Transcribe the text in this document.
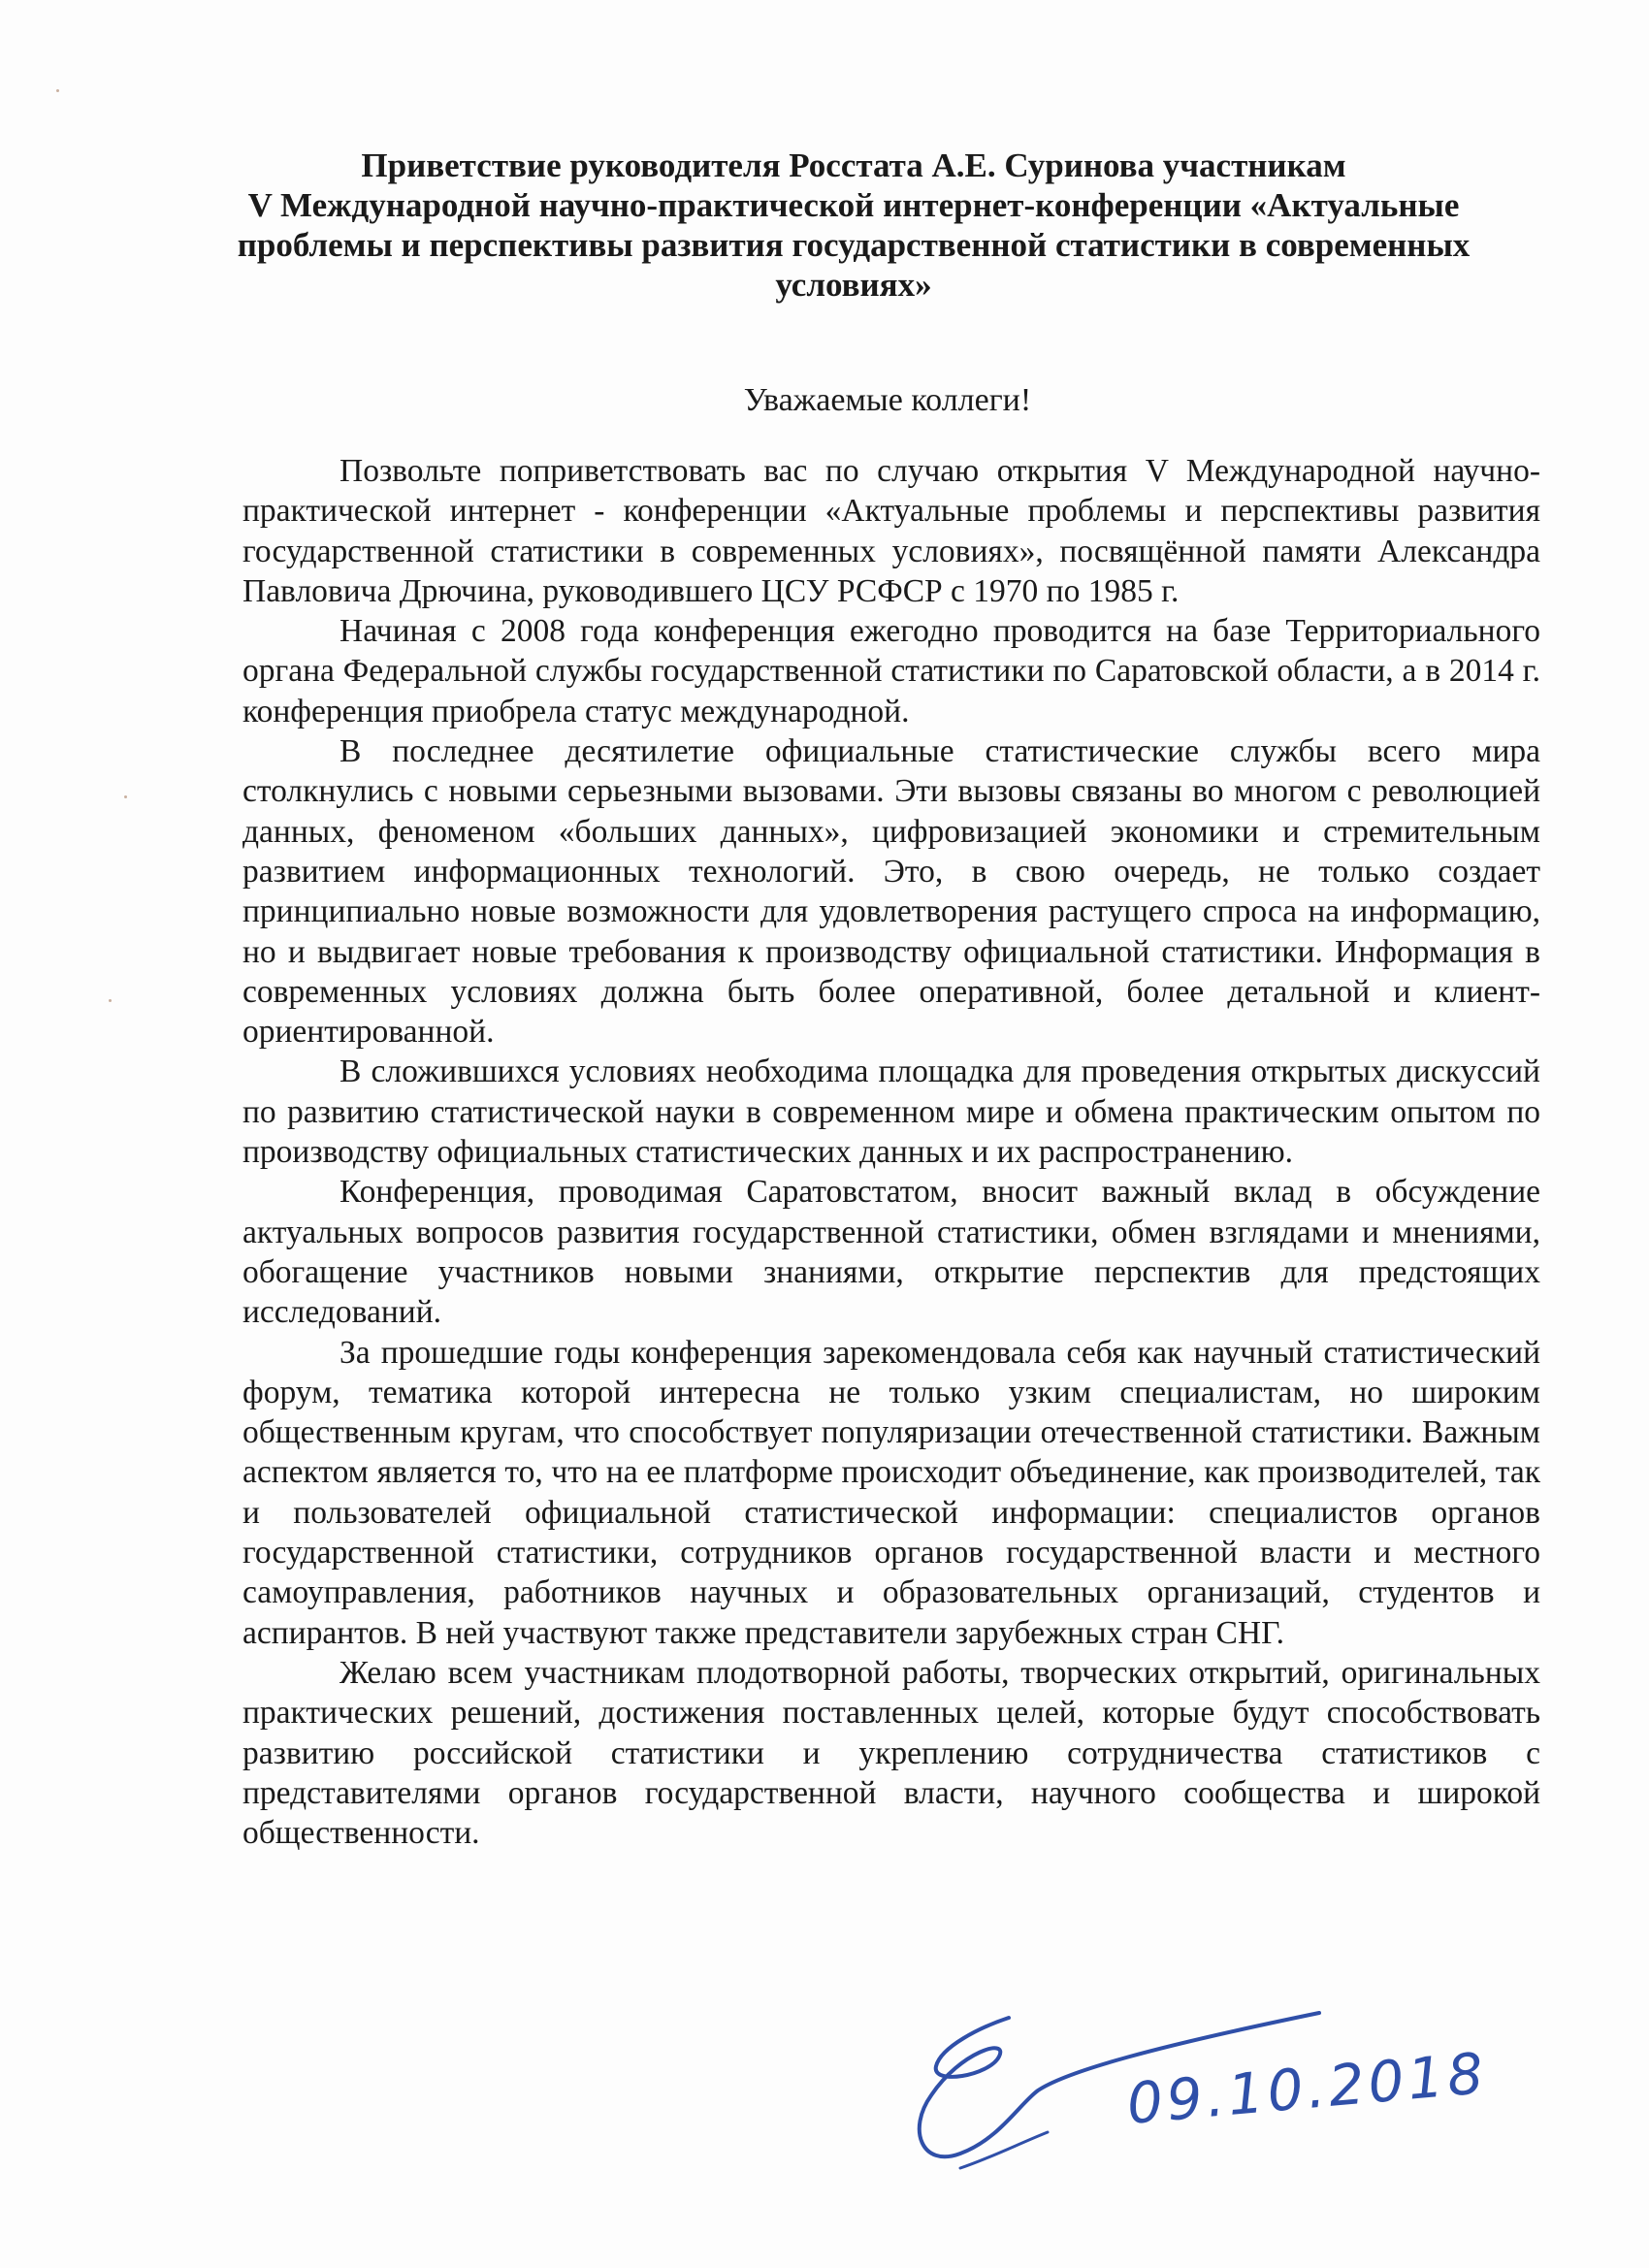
Приветствие руководителя Росстата А.Е. Суринова участникам
V Международной научно-практической интернет-конференции «Актуальные
проблемы и перспективы развития государственной статистики в современных
условиях»

Уважаемые коллеги!

Позвольте поприветствовать вас по случаю открытия V Международной научно-практической интернет - конференции «Актуальные проблемы и перспективы развития государственной статистики в современных условиях», посвящённой памяти Александра Павловича Дрючина, руководившего ЦСУ РСФСР с 1970 по 1985 г.

Начиная с 2008 года конференция ежегодно проводится на базе Территориального органа Федеральной службы государственной статистики по Саратовской области, а в 2014 г. конференция приобрела статус международной.

В последнее десятилетие официальные статистические службы всего мира столкнулись с новыми серьезными вызовами. Эти вызовы связаны во многом с революцией данных, феноменом «больших данных», цифровизацией экономики и стремительным развитием информационных технологий. Это, в свою очередь, не только создает принципиально новые возможности для удовлетворения растущего спроса на информацию, но и выдвигает новые требования к производству официальной статистики. Информация в современных условиях должна быть более оперативной, более детальной и клиент-ориентированной.

В сложившихся условиях необходима площадка для проведения открытых дискуссий по развитию статистической науки в современном мире и обмена практическим опытом по производству официальных статистических данных и их распространению.

Конференция, проводимая Саратовстатом, вносит важный вклад в обсуждение актуальных вопросов развития государственной статистики, обмен взглядами и мнениями, обогащение участников новыми знаниями, открытие перспектив для предстоящих исследований.

За прошедшие годы конференция зарекомендовала себя как научный статистический форум, тематика которой интересна не только узким специалистам, но широким общественным кругам, что способствует популяризации отечественной статистики. Важным аспектом является то, что на ее платформе происходит объединение, как производителей, так и пользователей официальной статистической информации: специалистов органов государственной статистики, сотрудников органов государственной власти и местного самоуправления, работников научных и образовательных организаций, студентов и аспирантов. В ней участвуют также представители зарубежных стран СНГ.

Желаю всем участникам плодотворной работы, творческих открытий, оригинальных практических решений, достижения поставленных целей, которые будут способствовать развитию российской статистики и укреплению сотрудничества статистиков с представителями органов государственной власти, научного сообщества и широкой общественности.

09.10.2018
